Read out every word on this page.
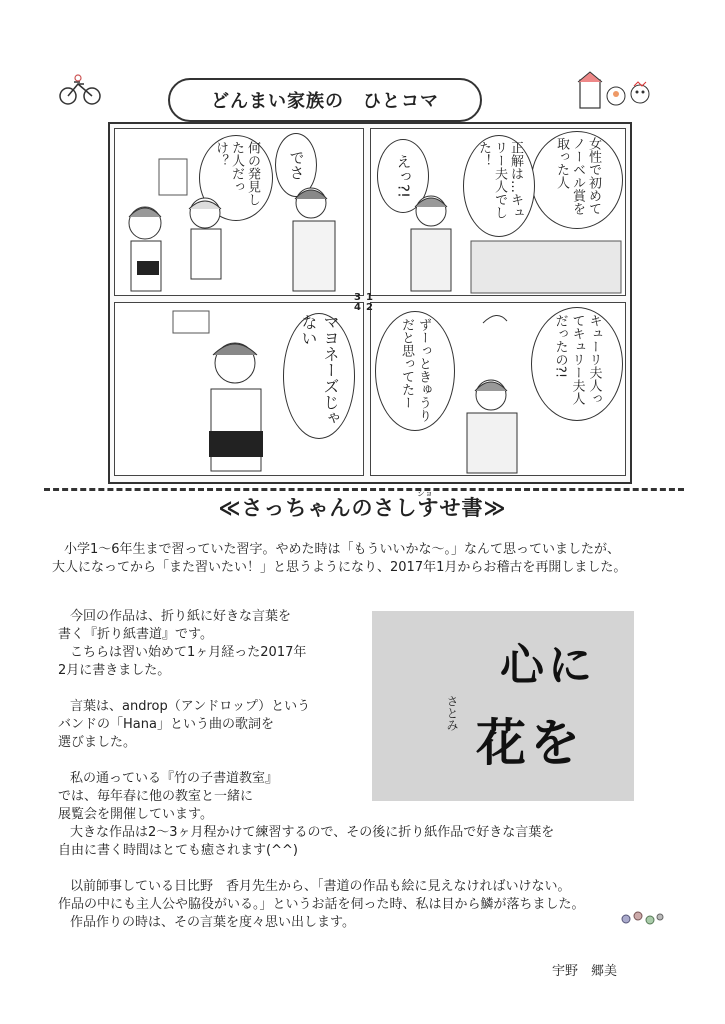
どんまい家族の　ひとコマ
何の発見した人だっけ？	でさ	女性で初めてノーベル賞を取った人
正解は…キュリー夫人でした！
えっ?!
マヨネーズじゃない	キューリ夫人ってキュリー夫人だったの?!
ずーっときゅうりだと思ってたー
3 1
4 2
ショ
≪さっちゃんのさしすせ書≫
小学1～6年生まで習っていた習字。やめた時は「もういいかな～。」なんて思っていましたが、
大人になってから「また習いたい！」と思うようになり、2017年1月からお稽古を再開しました。
今回の作品は、折り紙に好きな言葉を
書く『折り紙書道』です。
こちらは習い始めて1ヶ月経った2017年
2月に書きました。
言葉は、androp（アンドロップ）という
バンドの「Hana」という曲の歌詞を
選びました。
私の通っている『竹の子書道教室』
では、毎年春に他の教室と一緒に
展覧会を開催しています。
心に
花を
さとみ
大きな作品は2～3ヶ月程かけて練習するので、その後に折り紙作品で好きな言葉を
自由に書く時間はとても癒されます(^^)
以前師事している日比野　香月先生から、「書道の作品も絵に見えなければいけない。
作品の中にも主人公や脇役がいる。」というお話を伺った時、私は目から鱗が落ちました。
作品作りの時は、その言葉を度々思い出します。
宇野　郷美
